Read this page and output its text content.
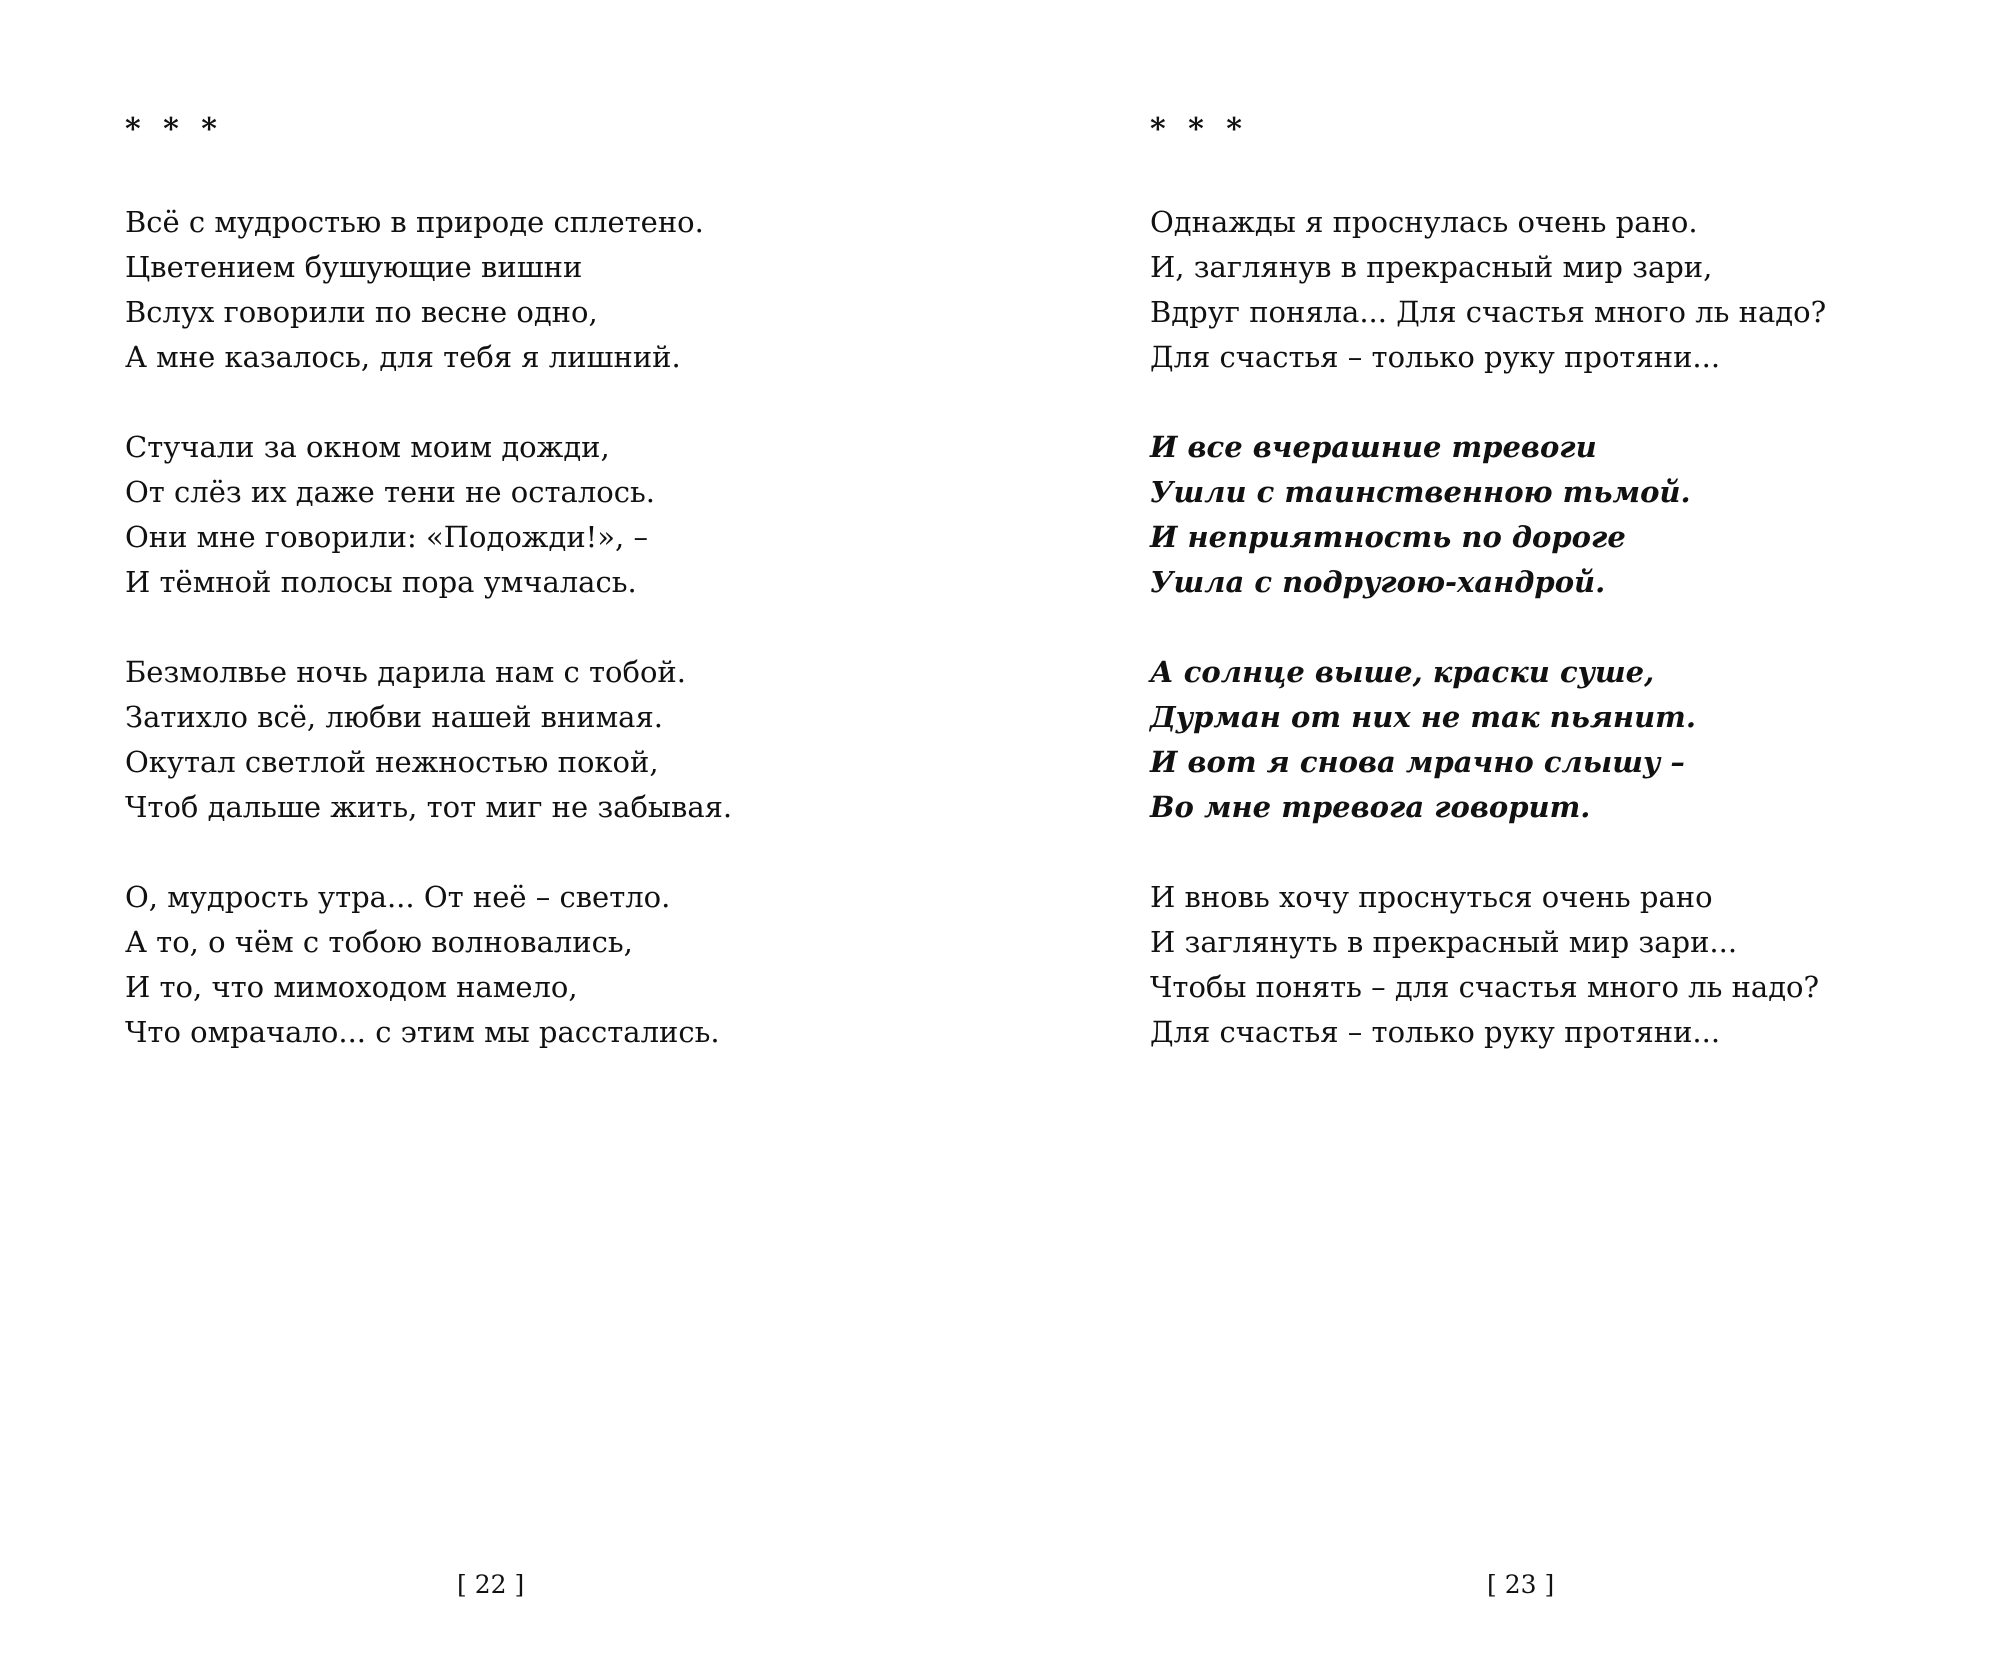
* * *
Всё с мудростью в природе сплетено.
Цветением бушующие вишни
Вслух говорили по весне одно,
А мне казалось, для тебя я лишний.
Стучали за окном моим дожди,
От слёз их даже тени не осталось.
Они мне говорили: «Подожди!», –
И тёмной полосы пора умчалась.
Безмолвье ночь дарила нам с тобой.
Затихло всё, любви нашей внимая.
Окутал светлой нежностью покой,
Чтоб дальше жить, тот миг не забывая.
О, мудрость утра... От неё – светло.
А то, о чём с тобою волновались,
И то, что мимоходом намело,
Что омрачало... с этим мы расстались.
[ 22 ]
* * *
Однажды я проснулась очень рано.
И, заглянув в прекрасный мир зари,
Вдруг поняла... Для счастья много ль надо?
Для счастья – только руку протяни...
И все вчерашние тревоги
Ушли с таинственною тьмой.
И неприятность по дороге
Ушла с подругою-хандрой.
А солнце выше, краски суше,
Дурман от них не так пьянит.
И вот я снова мрачно слышу –
Во мне тревога говорит.
И вновь хочу проснуться очень рано
И заглянуть в прекрасный мир зари...
Чтобы понять – для счастья много ль надо?
Для счастья – только руку протяни...
[ 23 ]
